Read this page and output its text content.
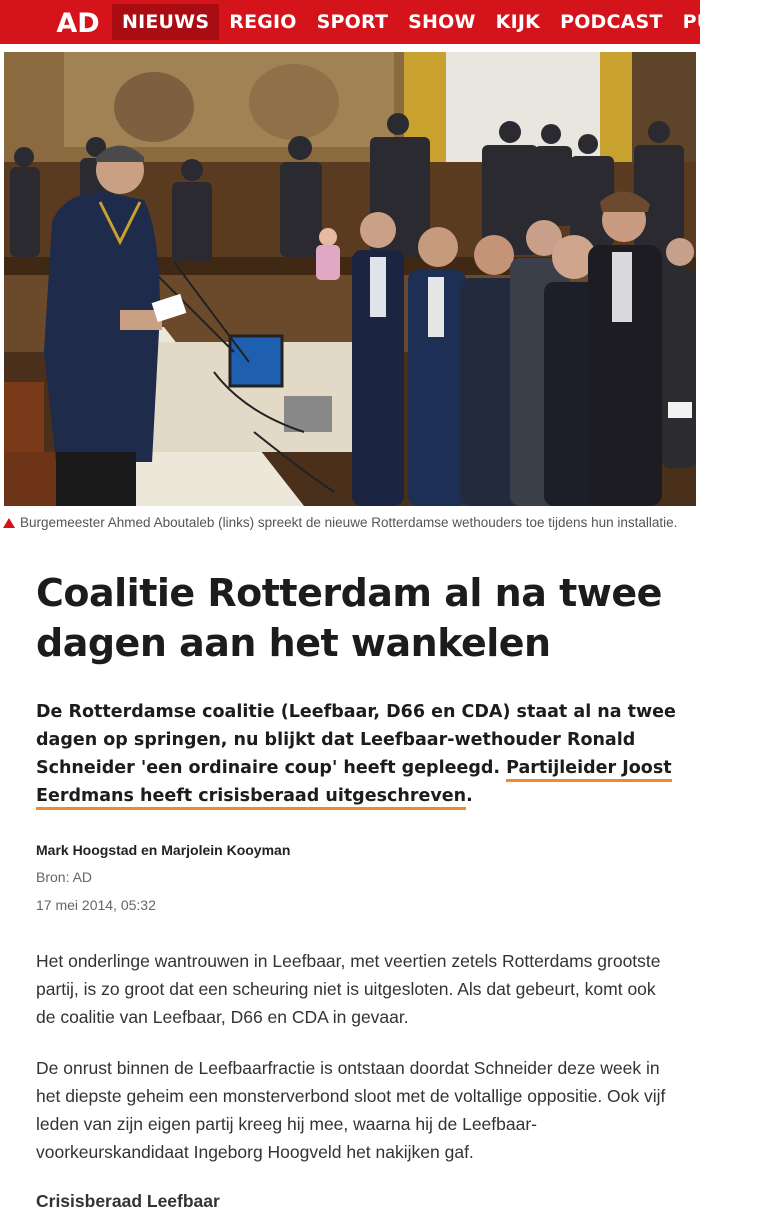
AD	NIEUWS	REGIO	SPORT	SHOW	KIJK	PODCAST	PUZZEL
Burgemeester Ahmed Aboutaleb (links) spreekt de nieuwe Rotterdamse wethouders toe tijdens hun installatie.
Coalitie Rotterdam al na twee dagen aan het wankelen

De Rotterdamse coalitie (Leefbaar, D66 en CDA) staat al na twee dagen op springen, nu blijkt dat Leefbaar-wethouder Ronald Schneider 'een ordinaire coup' heeft gepleegd. Partijleider Joost Eerdmans heeft crisisberaad uitgeschreven.

Mark Hoogstad en Marjolein Kooyman
Bron: AD
17 mei 2014, 05:32

Het onderlinge wantrouwen in Leefbaar, met veertien zetels Rotterdams grootste partij, is zo groot dat een scheuring niet is uitgesloten. Als dat gebeurt, komt ook de coalitie van Leefbaar, D66 en CDA in gevaar.

De onrust binnen de Leefbaarfractie is ontstaan doordat Schneider deze week in het diepste geheim een monsterverbond sloot met de voltallige oppositie. Ook vijf leden van zijn eigen partij kreeg hij mee, waarna hij de Leefbaar-voorkeurskandidaat Ingeborg Hoogveld het nakijken gaf.

Crisisberaad Leefbaar
